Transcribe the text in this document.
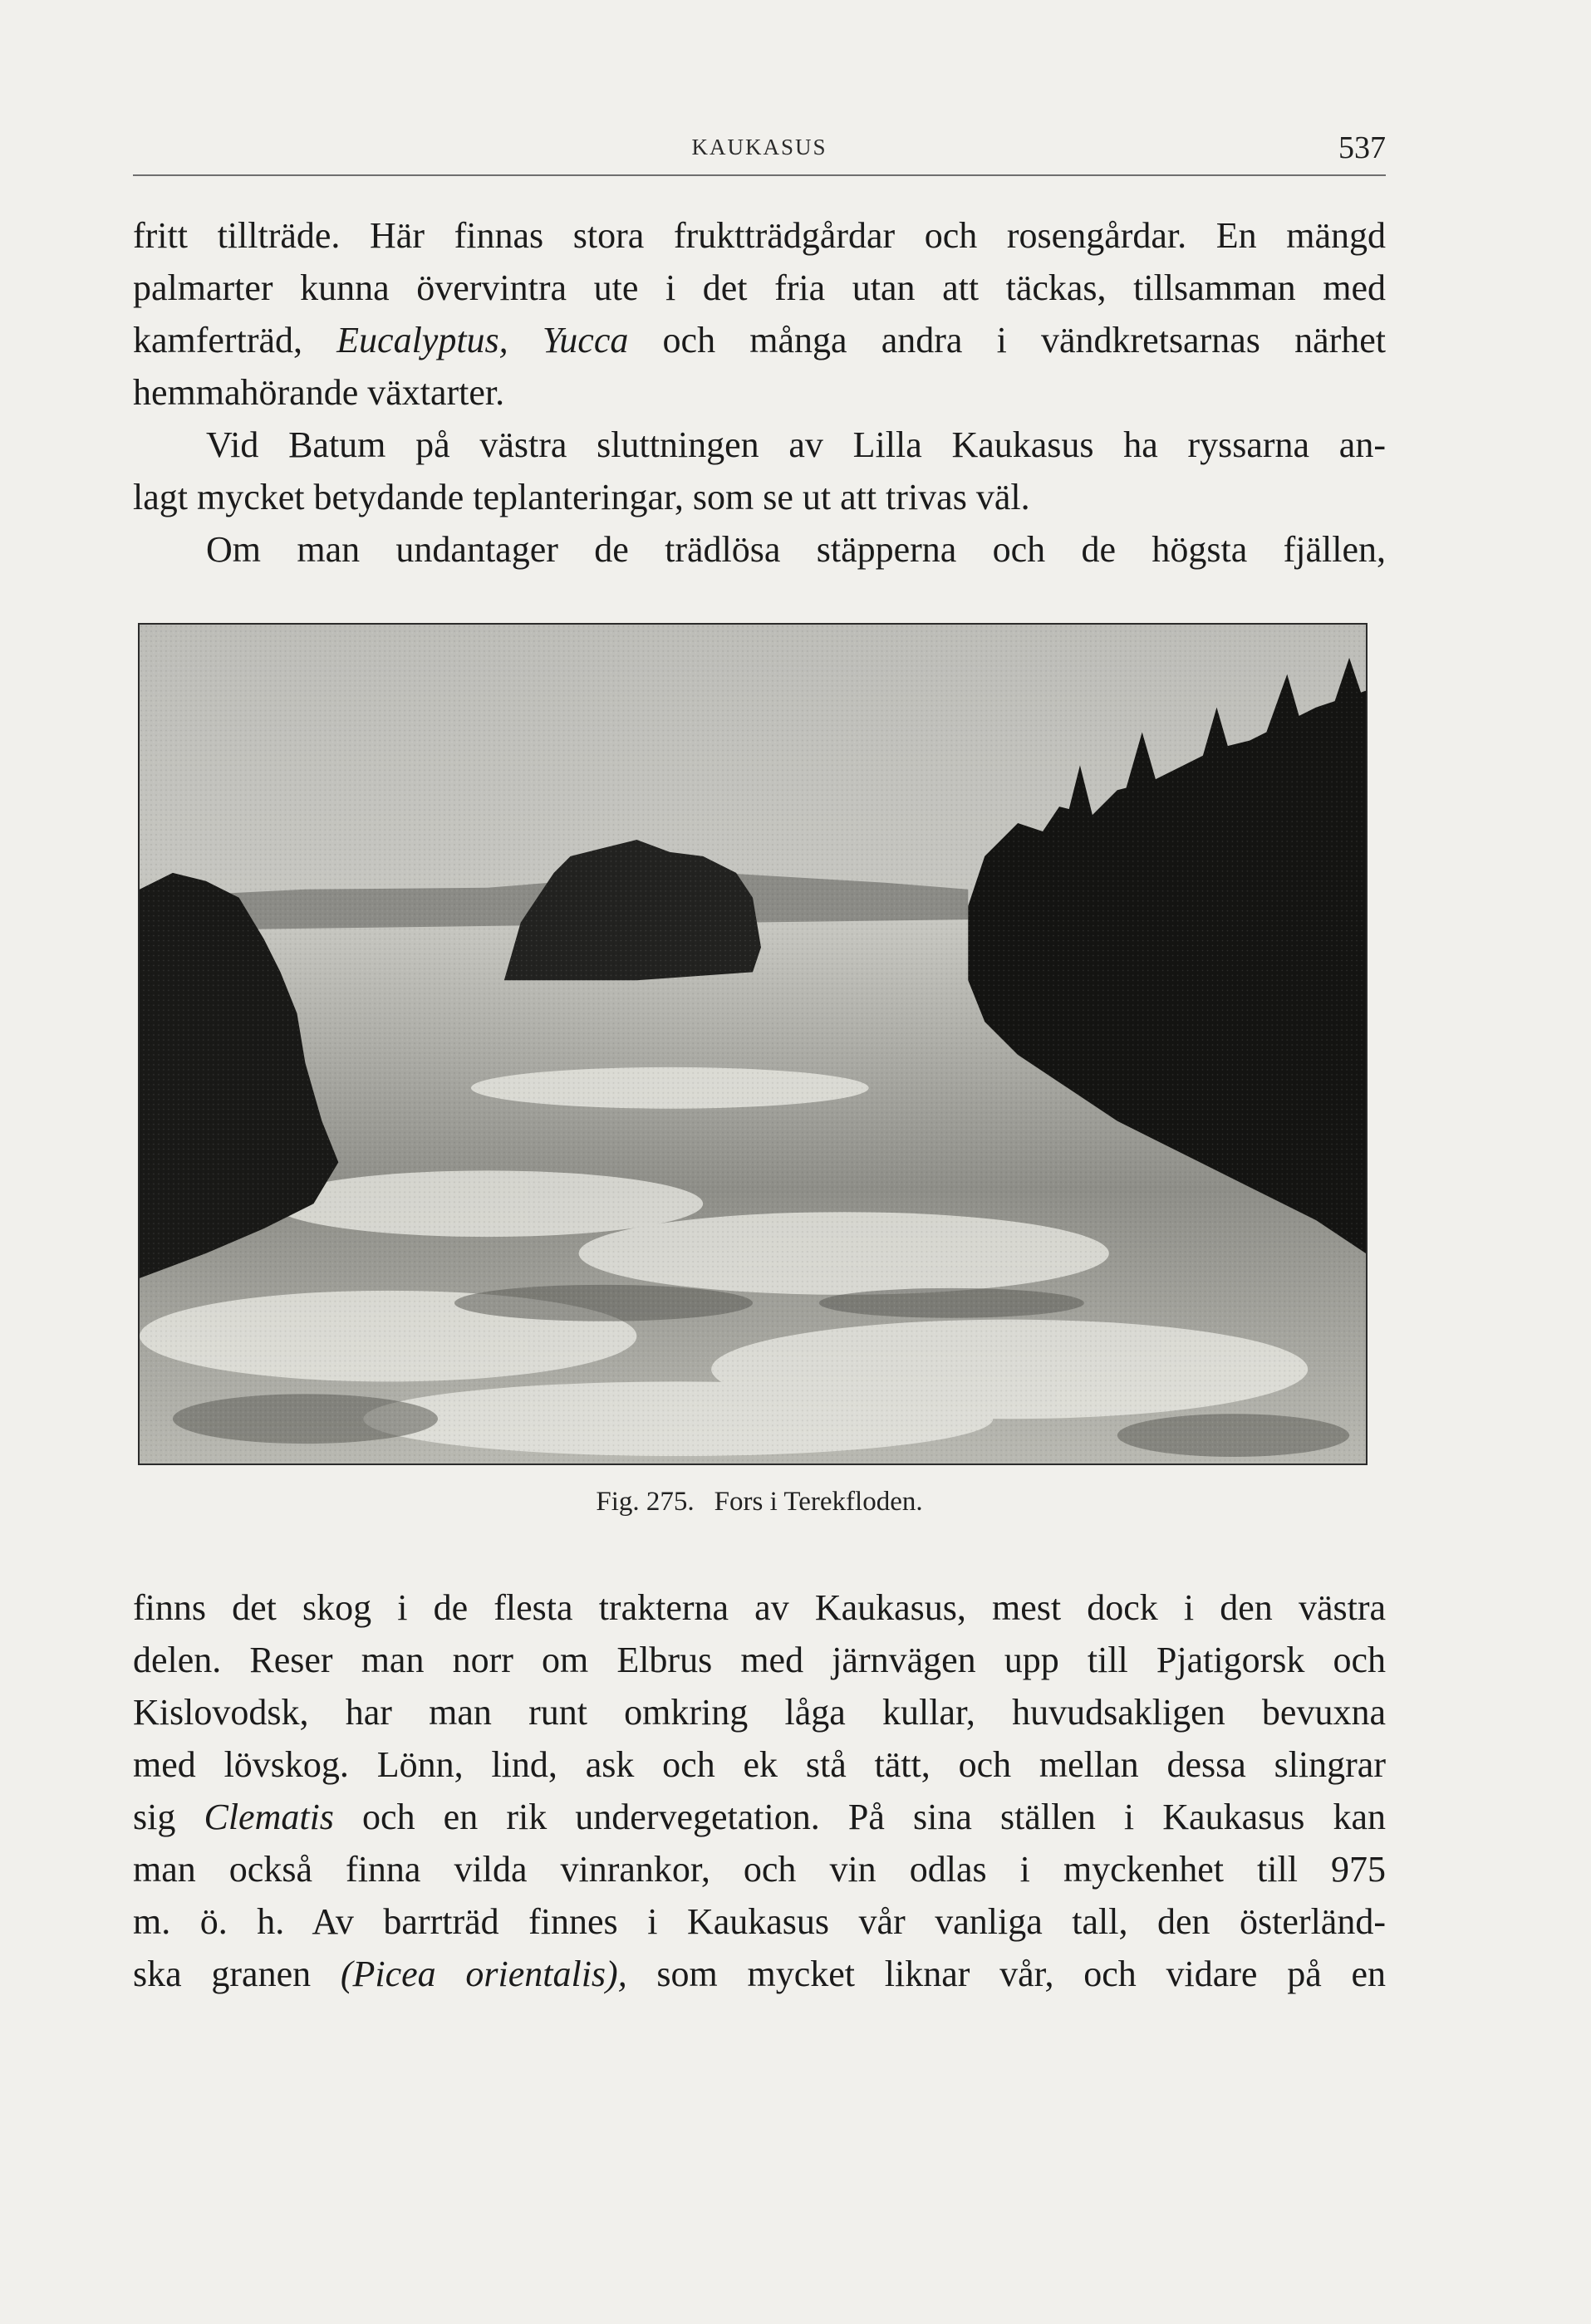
KAUKASUS	537

fritt tillträde. Här finnas stora fruktträdgårdar och rosengårdar. En mängd
palmarter kunna övervintra ute i det fria utan att täckas, tillsamman med
kamferträd, Eucalyptus, Yucca och många andra i vändkretsarnas närhet
hemmahörande växtarter.

Vid Batum på västra sluttningen av Lilla Kaukasus ha ryssarna an-
lagt mycket betydande teplanteringar, som se ut att trivas väl.

Om man undantager de trädlösa stäpperna och de högsta fjällen,

Fig. 275. Fors i Terekfloden.

finns det skog i de flesta trakterna av Kaukasus, mest dock i den västra
delen. Reser man norr om Elbrus med järnvägen upp till Pjatigorsk och
Kislovodsk, har man runt omkring låga kullar, huvudsakligen bevuxna
med lövskog. Lönn, lind, ask och ek stå tätt, och mellan dessa slingrar
sig Clematis och en rik undervegetation. På sina ställen i Kaukasus kan
man också finna vilda vinrankor, och vin odlas i myckenhet till 975
m. ö. h. Av barrträd finnes i Kaukasus vår vanliga tall, den österländ-
ska granen (Picea orientalis), som mycket liknar vår, och vidare på en
